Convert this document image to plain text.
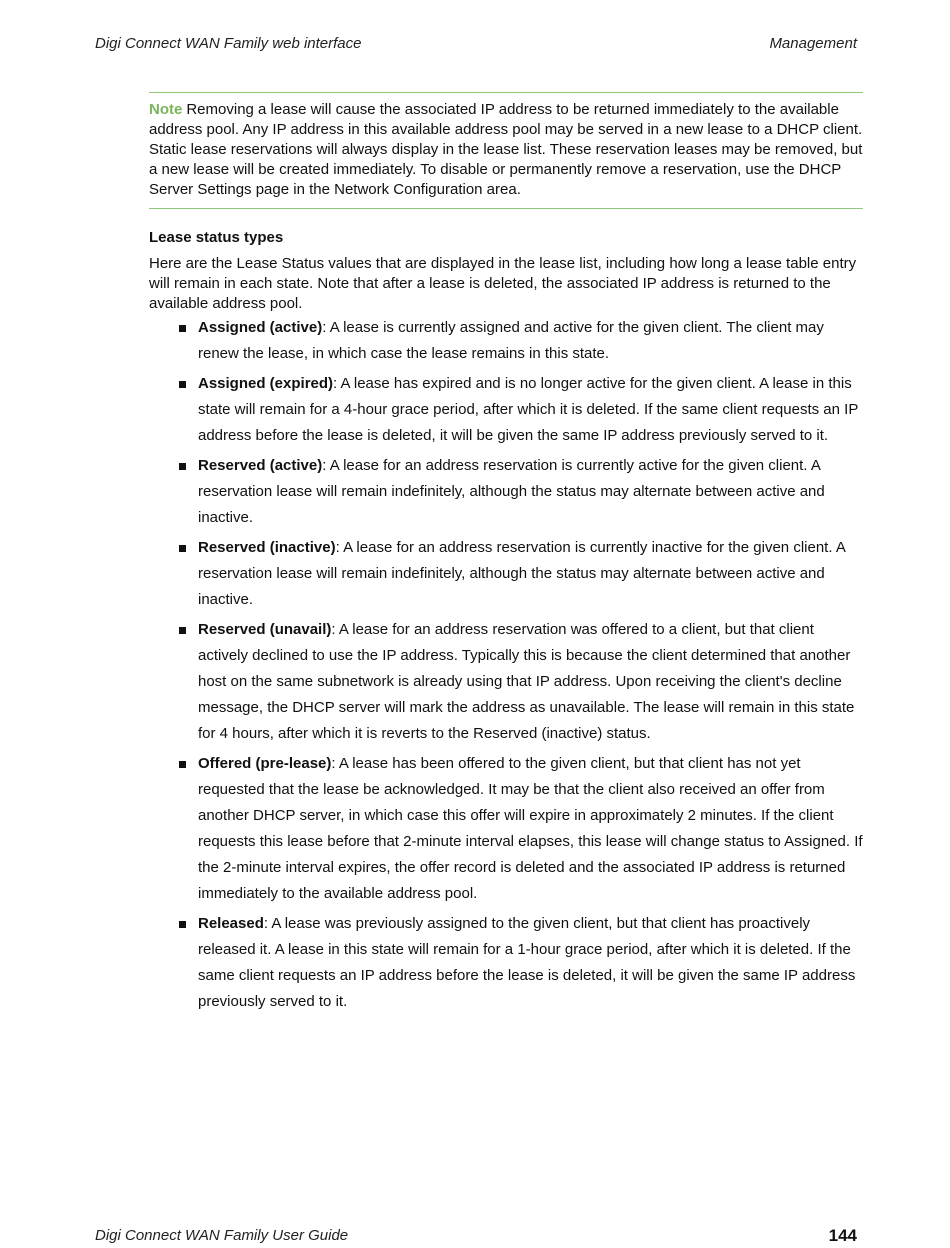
Digi Connect WAN Family web interface	Management
Note Removing a lease will cause the associated IP address to be returned immediately to the available address pool. Any IP address in this available address pool may be served in a new lease to a DHCP client. Static lease reservations will always display in the lease list. These reservation leases may be removed, but a new lease will be created immediately. To disable or permanently remove a reservation, use the DHCP Server Settings page in the Network Configuration area.
Lease status types
Here are the Lease Status values that are displayed in the lease list, including how long a lease table entry will remain in each state. Note that after a lease is deleted, the associated IP address is returned to the available address pool.
Assigned (active): A lease is currently assigned and active for the given client. The client may renew the lease, in which case the lease remains in this state.
Assigned (expired): A lease has expired and is no longer active for the given client. A lease in this state will remain for a 4-hour grace period, after which it is deleted. If the same client requests an IP address before the lease is deleted, it will be given the same IP address previously served to it.
Reserved (active): A lease for an address reservation is currently active for the given client. A reservation lease will remain indefinitely, although the status may alternate between active and inactive.
Reserved (inactive): A lease for an address reservation is currently inactive for the given client. A reservation lease will remain indefinitely, although the status may alternate between active and inactive.
Reserved (unavail): A lease for an address reservation was offered to a client, but that client actively declined to use the IP address. Typically this is because the client determined that another host on the same subnetwork is already using that IP address. Upon receiving the client's decline message, the DHCP server will mark the address as unavailable. The lease will remain in this state for 4 hours, after which it is reverts to the Reserved (inactive) status.
Offered (pre-lease): A lease has been offered to the given client, but that client has not yet requested that the lease be acknowledged. It may be that the client also received an offer from another DHCP server, in which case this offer will expire in approximately 2 minutes. If the client requests this lease before that 2-minute interval elapses, this lease will change status to Assigned. If the 2-minute interval expires, the offer record is deleted and the associated IP address is returned immediately to the available address pool.
Released: A lease was previously assigned to the given client, but that client has proactively released it. A lease in this state will remain for a 1-hour grace period, after which it is deleted. If the same client requests an IP address before the lease is deleted, it will be given the same IP address previously served to it.
Digi Connect WAN Family User Guide	144
